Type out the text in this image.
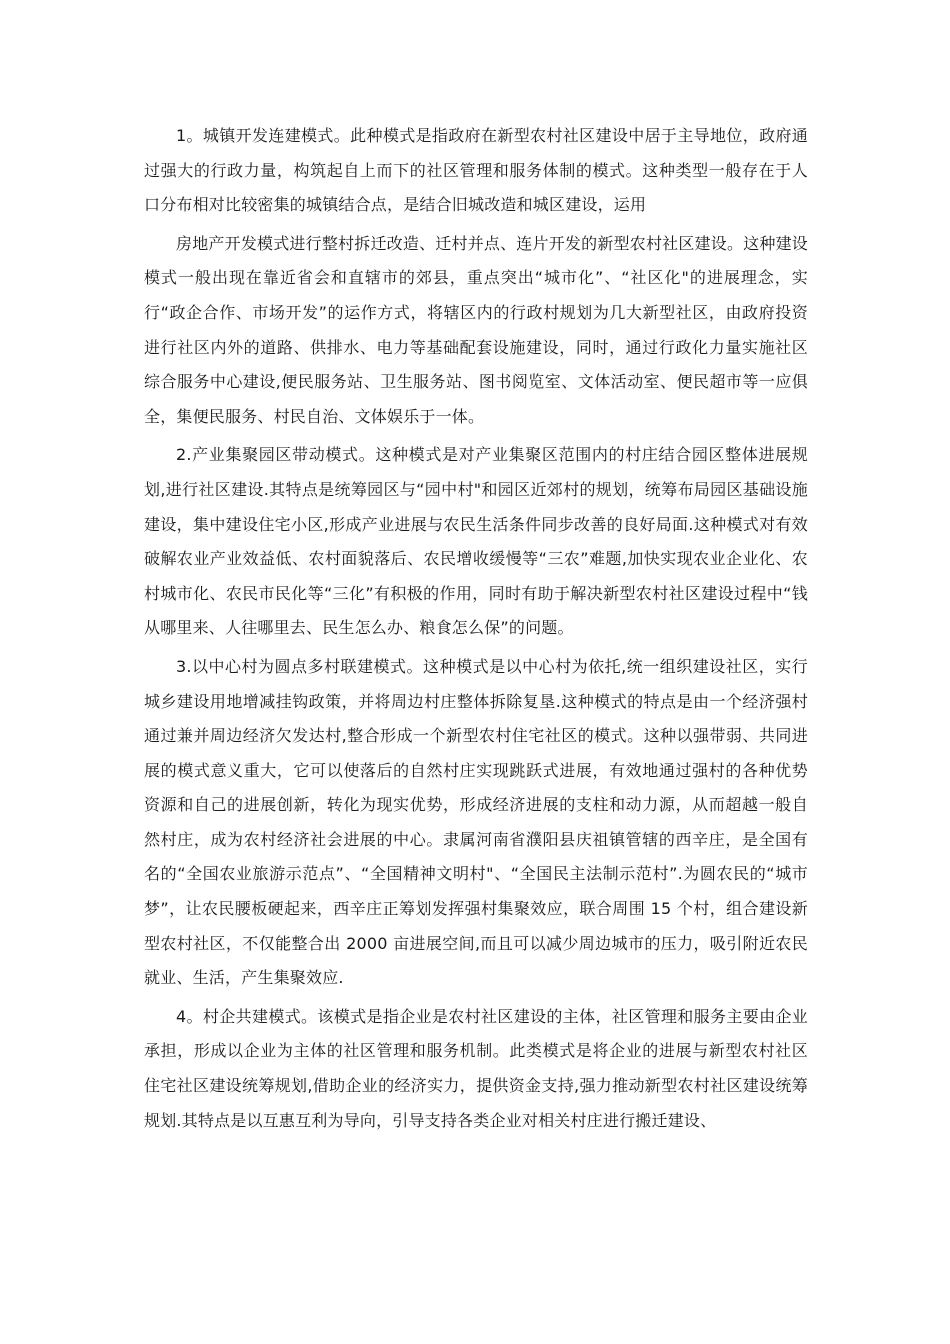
1。城镇开发连建模式。此种模式是指政府在新型农村社区建设中居于主导地位，政府通过强大的行政力量，构筑起自上而下的社区管理和服务体制的模式。这种类型一般存在于人口分布相对比较密集的城镇结合点，是结合旧城改造和城区建设，运用

房地产开发模式进行整村拆迁改造、迁村并点、连片开发的新型农村社区建设。这种建设模式一般出现在靠近省会和直辖市的郊县，重点突出“城市化”、“社区化"的进展理念，实行“政企合作、市场开发”的运作方式，将辖区内的行政村规划为几大新型社区，由政府投资进行社区内外的道路、供排水、电力等基础配套设施建设，同时，通过行政化力量实施社区综合服务中心建设,便民服务站、卫生服务站、图书阅览室、文体活动室、便民超市等一应俱全，集便民服务、村民自治、文体娱乐于一体。

2.产业集聚园区带动模式。这种模式是对产业集聚区范围内的村庄结合园区整体进展规划,进行社区建设.其特点是统筹园区与“园中村"和园区近郊村的规划，统筹布局园区基础设施建设，集中建设住宅小区,形成产业进展与农民生活条件同步改善的良好局面.这种模式对有效破解农业产业效益低、农村面貌落后、农民增收缓慢等“三农”难题,加快实现农业企业化、农村城市化、农民市民化等“三化”有积极的作用，同时有助于解决新型农村社区建设过程中“钱从哪里来、人往哪里去、民生怎么办、粮食怎么保”的问题。

3.以中心村为圆点多村联建模式。这种模式是以中心村为依托,统一组织建设社区，实行城乡建设用地增减挂钩政策，并将周边村庄整体拆除复垦.这种模式的特点是由一个经济强村通过兼并周边经济欠发达村,整合形成一个新型农村住宅社区的模式。这种以强带弱、共同进展的模式意义重大，它可以使落后的自然村庄实现跳跃式进展，有效地通过强村的各种优势资源和自己的进展创新，转化为现实优势，形成经济进展的支柱和动力源，从而超越一般自然村庄，成为农村经济社会进展的中心。隶属河南省濮阳县庆祖镇管辖的西辛庄，是全国有名的“全国农业旅游示范点”、“全国精神文明村"、“全国民主法制示范村”.为圆农民的“城市梦”，让农民腰板硬起来，西辛庄正筹划发挥强村集聚效应，联合周围 15 个村，组合建设新型农村社区，不仅能整合出 2000 亩进展空间,而且可以减少周边城市的压力，吸引附近农民就业、生活，产生集聚效应.

4。村企共建模式。该模式是指企业是农村社区建设的主体，社区管理和服务主要由企业承担，形成以企业为主体的社区管理和服务机制。此类模式是将企业的进展与新型农村社区住宅社区建设统筹规划,借助企业的经济实力，提供资金支持,强力推动新型农村社区建设统筹规划.其特点是以互惠互利为导向，引导支持各类企业对相关村庄进行搬迁建设、
